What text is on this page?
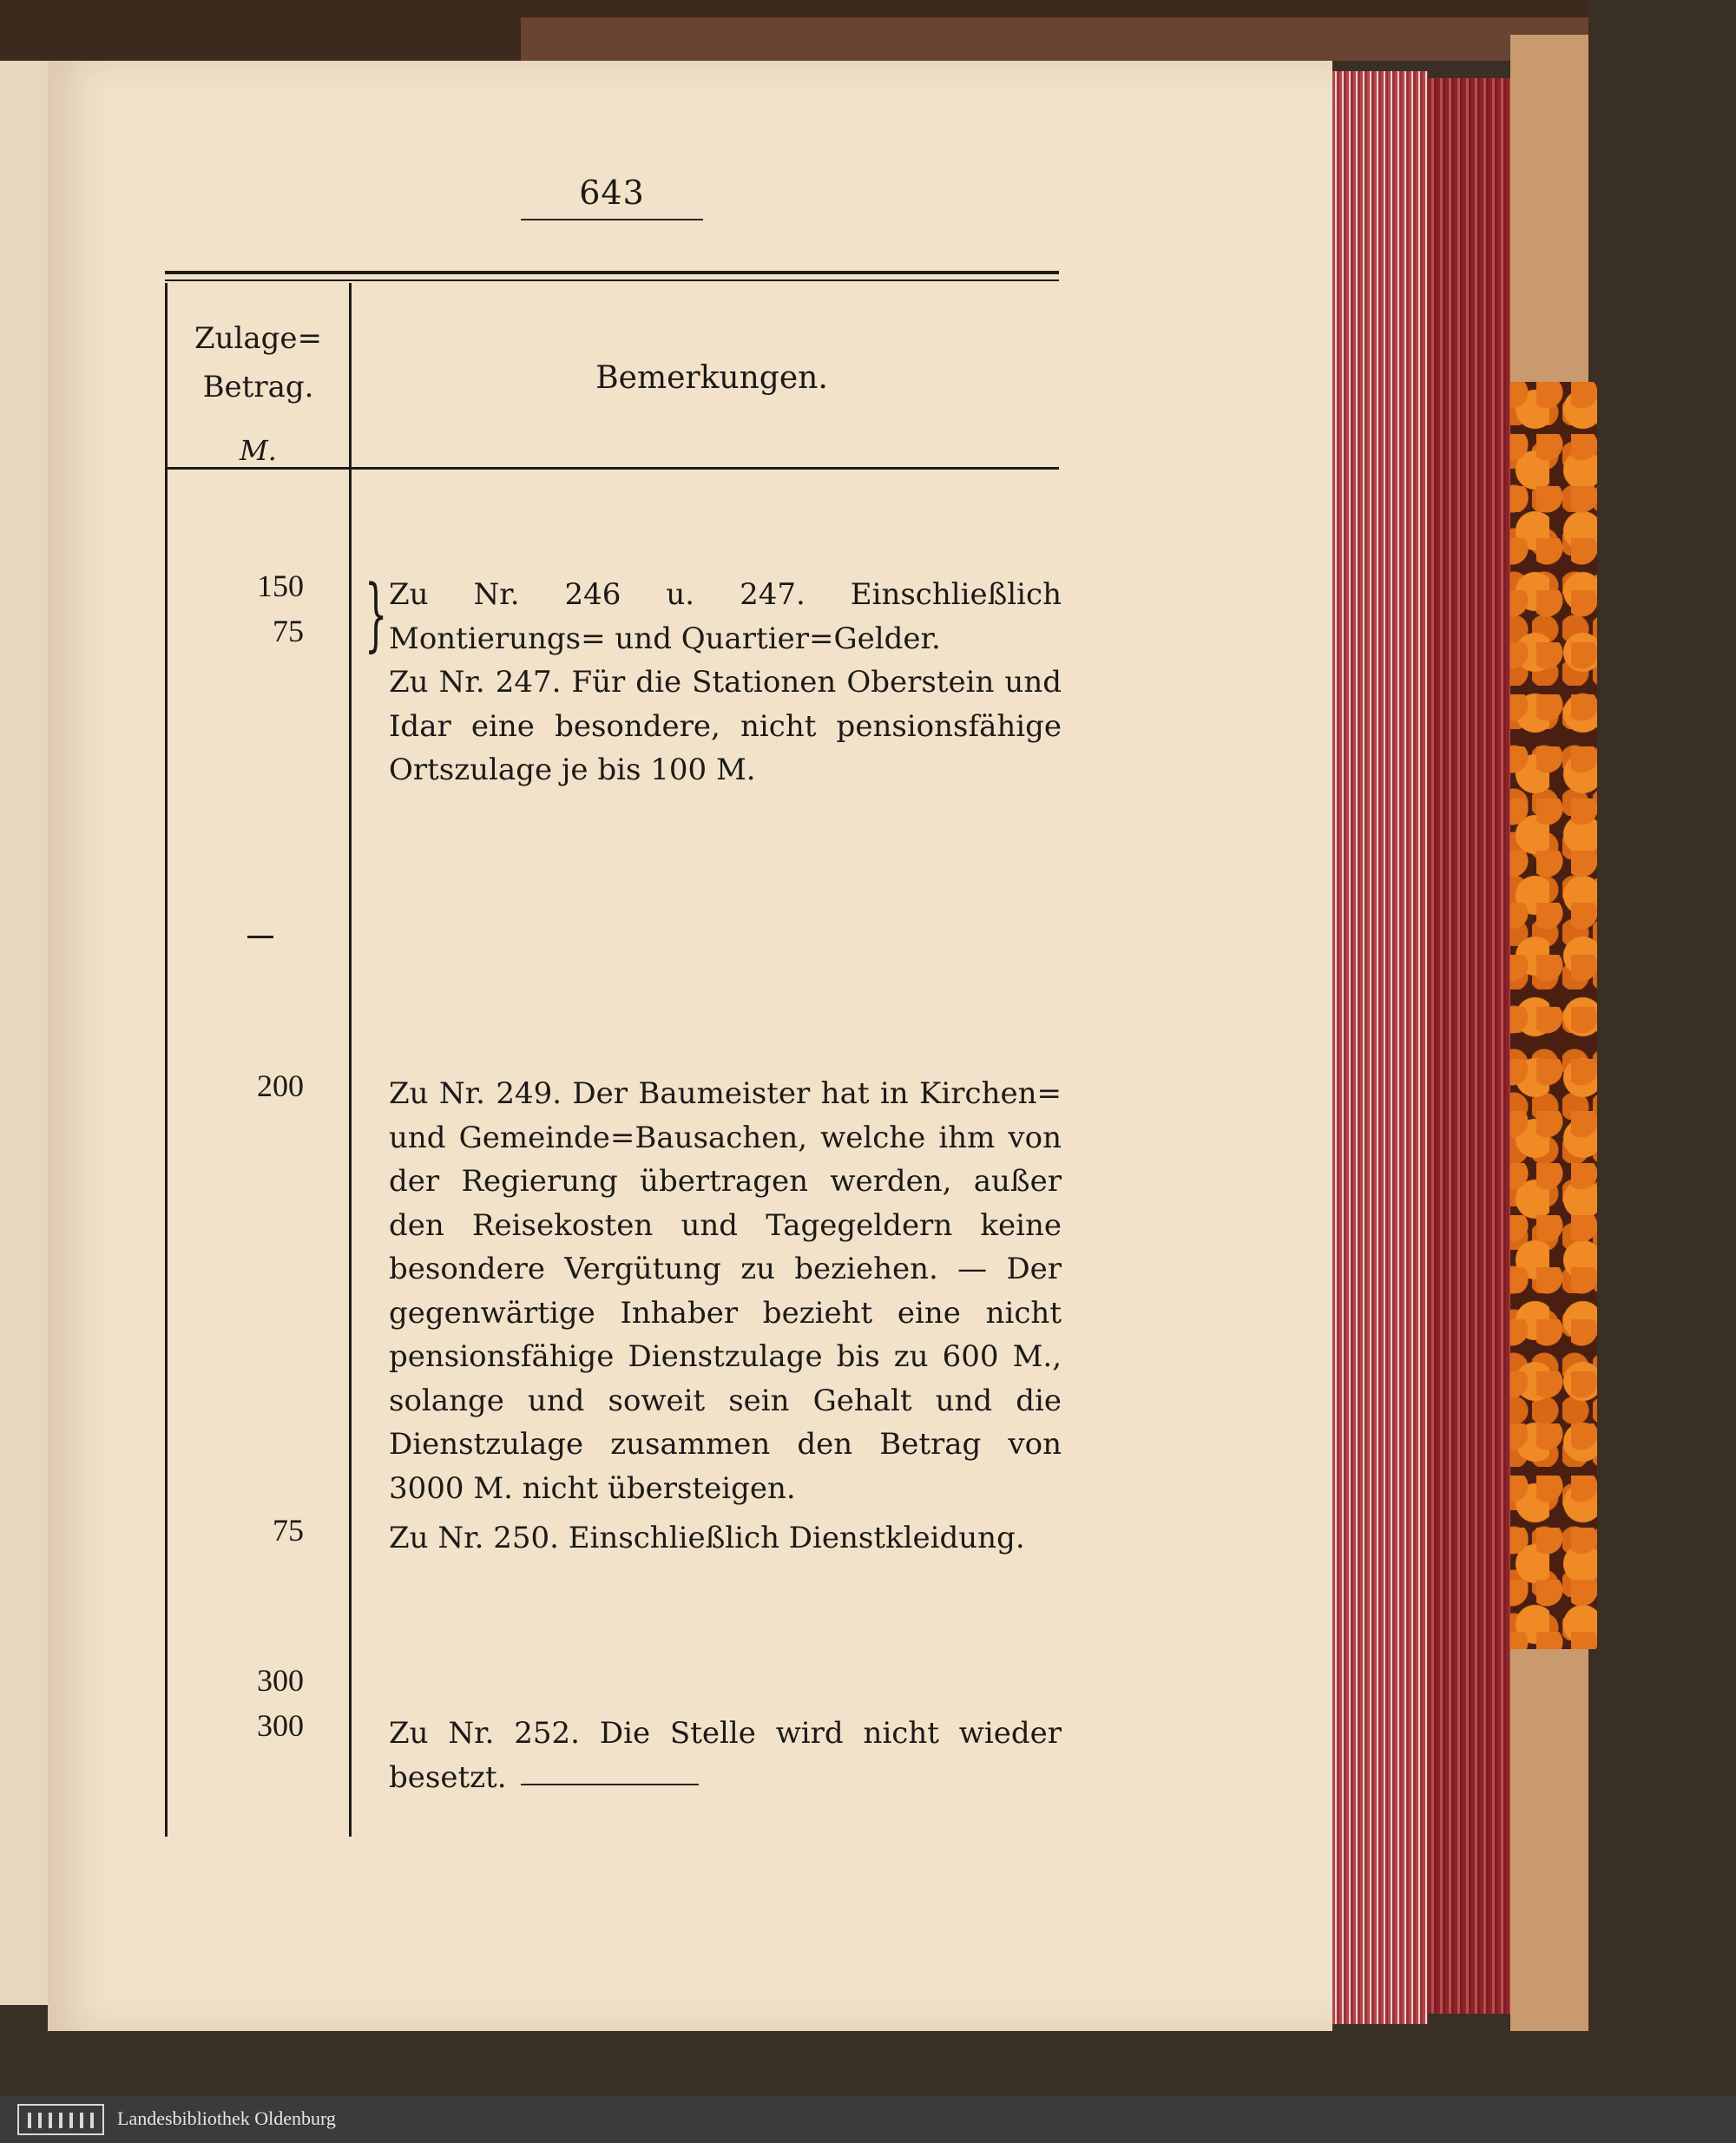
643
Zulage=
Betrag.
M.
Bemerkungen.
150
75
200
75
300
300
} Zu Nr. 246 u. 247. Einschließlich Montierungs= und Quartier=Gelder.

Zu Nr. 247. Für die Stationen Oberstein und Idar eine besondere, nicht pensionsfähige Ortszulage je bis 100 M.

Zu Nr. 249. Der Baumeister hat in Kirchen= und Gemeinde=Bausachen, welche ihm von der Regierung übertragen werden, außer den Reisekosten und Tagegeldern keine besondere Vergütung zu beziehen. — Der gegenwärtige Inhaber bezieht eine nicht pensionsfähige Dienstzulage bis zu 600 M., solange und soweit sein Gehalt und die Dienstzulage zusammen den Betrag von 3000 M. nicht übersteigen.

Zu Nr. 250. Einschließlich Dienstkleidung.

Zu Nr. 252. Die Stelle wird nicht wieder besetzt.

Landesbibliothek Oldenburg
